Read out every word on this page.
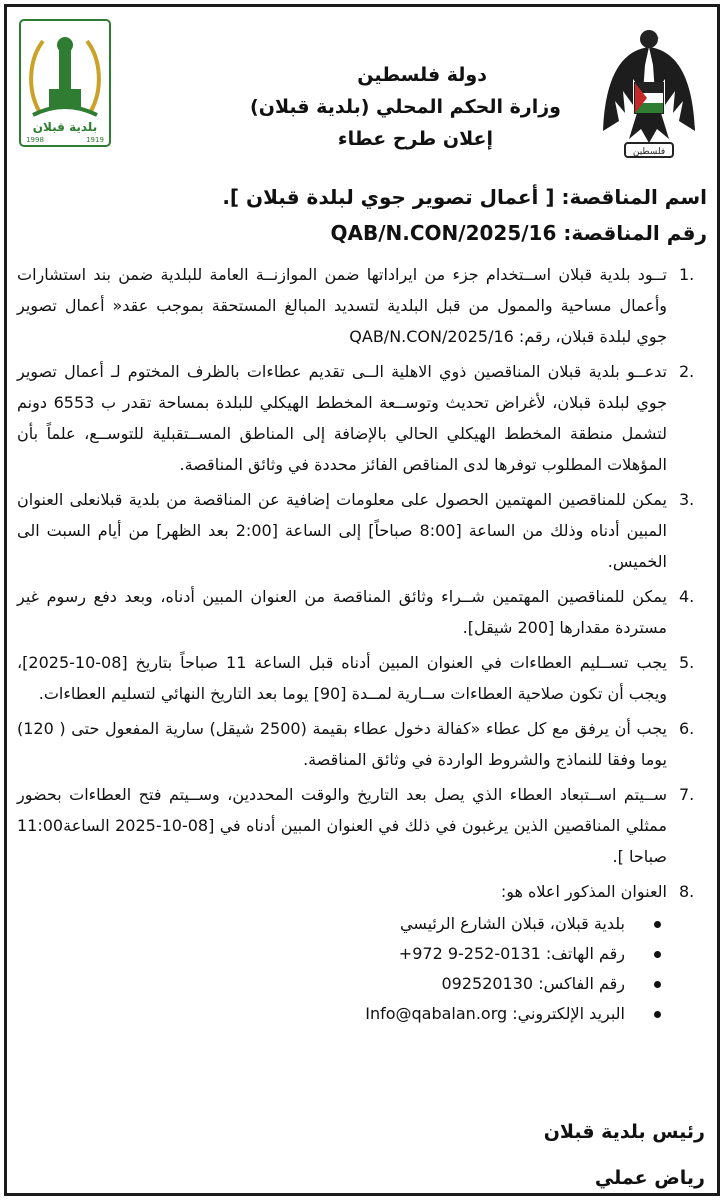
فلسطين
بلدية قبلان
1998	1919
دولة فلسطين
وزارة الحكم المحلي (بلدية قبلان)
إعلان طرح عطاء
اسم المناقصة: [ أعمال تصوير جوي لبلدة قبلان ].
رقم المناقصة: QAB/N.CON/2025/16
1.
تــود بلدية قبلان اســتخدام جزء من ايراداتها ضمن الموازنــة العامة للبلدية ضمن بند استشارات وأعمال مساحية والممول من قبل البلدية لتسديد المبالغ المستحقة بموجب عقد« أعمال تصوير جوي لبلدة قبلان، رقم: QAB/N.CON/2025/16
2.
تدعــو بلدية قبلان المناقصين ذوي الاهلية الــى تقديم عطاءات بالظرف المختوم لـ أعمال تصوير جوي لبلدة قبلان، لأغراض تحديث وتوســعة المخطط الهيكلي للبلدة بمساحة تقدر ب 6553 دونم لتشمل منطقة المخطط الهيكلي الحالي بالإضافة إلى المناطق المســتقبلية للتوســع، علماً بأن المؤهلات المطلوب توفرها لدى المناقص الفائز محددة في وثائق المناقصة.
3.
يمكن للمناقصين المهتمين الحصول على معلومات إضافية عن المناقصة من بلدية قبلانعلى العنوان المبين أدناه وذلك من الساعة [8:00 صباحاً] إلى الساعة [2:00 بعد الظهر] من أيام السبت الى الخميس.
4.
يمكن للمناقصين المهتمين شــراء وثائق المناقصة من العنوان المبين أدناه، وبعد دفع رسوم غير مستردة مقدارها [200 شيقل].
5.
يجب تســليم العطاءات في العنوان المبين أدناه قبل الساعة 11 صباحاً بتاريخ [08-10-2025]، ويجب أن تكون صلاحية العطاءات ســارية لمــدة [90] يوما بعد التاريخ النهائي لتسليم العطاءات.
6.
يجب أن يرفق مع كل عطاء «كفالة دخول عطاء بقيمة (2500 شيقل) سارية المفعول حتى ( 120) يوما وفقا للنماذج والشروط الواردة في وثائق المناقصة.
7.
ســيتم اســتبعاد العطاء الذي يصل بعد التاريخ والوقت المحددين، وســيتم فتح العطاءات بحضور ممثلي المناقصين الذين يرغبون في ذلك في العنوان المبين أدناه في [08-10-2025 الساعة11:00 صباحا ].
8.
العنوان المذكور اعلاه هو:
بلدية قبلان، قبلان الشارع الرئيسي
رقم الهاتف: +972 9-252-0131
رقم الفاكس: 092520130
البريد الإلكتروني: Info@qabalan.org
رئيس بلدية قبلان
رياض عملي
